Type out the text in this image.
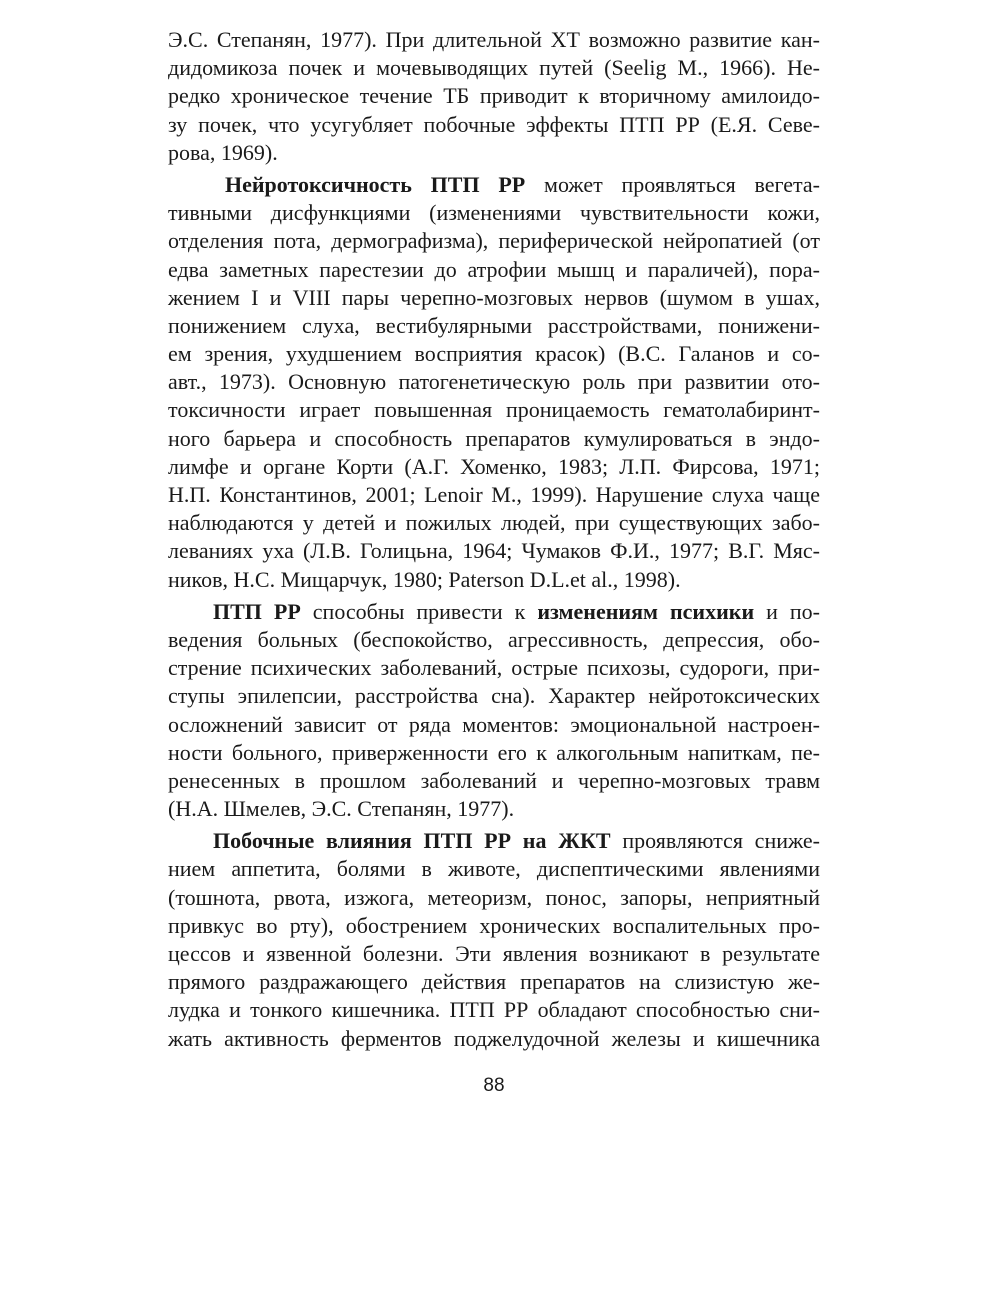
Э.С. Степанян, 1977). При длительной ХТ возможно развитие кан-
дидомикоза почек и мочевыводящих путей (Seelig M., 1966). Не-
редко хроническое течение ТБ приводит к вторичному амилоидо-
зу почек, что усугубляет побочные эффекты ПТП РР (Е.Я. Севе-
рова, 1969).
Нейротоксичность ПТП РР может проявляться вегета-
тивными дисфункциями (изменениями чувствительности кожи,
отделения пота, дермографизма), периферической нейропатией (от
едва заметных парестезии до атрофии мышц и параличей), пора-
жением I и VIII пары черепно-мозговых нервов (шумом в ушах,
понижением слуха, вестибулярными расстройствами, понижени-
ем зрения, ухудшением восприятия красок) (В.С. Галанов и со-
авт., 1973). Основную патогенетическую роль при развитии ото-
токсичности играет повышенная проницаемость гематолабиринт-
ного барьера и способность препаратов кумулироваться в эндо-
лимфе и органе Корти (А.Г. Хоменко, 1983; Л.П. Фирсова, 1971;
Н.П. Константинов, 2001; Lenoir M., 1999). Нарушение слуха чаще
наблюдаются у детей и пожилых людей, при существующих забо-
леваниях уха (Л.В. Голицьна, 1964; Чумаков Ф.И., 1977; В.Г. Мяс-
ников, Н.С. Мищарчук, 1980; Paterson D.L.et al., 1998).
ПТП РР способны привести к изменениям психики и по-
ведения больных (беспокойство, агрессивность, депрессия, обо-
стрение психических заболеваний, острые психозы, судороги, при-
ступы эпилепсии, расстройства сна). Характер нейротоксических
осложнений зависит от ряда моментов: эмоциональной настроен-
ности больного, приверженности его к алкогольным напиткам, пе-
ренесенных в прошлом заболеваний и черепно-мозговых травм
(Н.А. Шмелев, Э.С. Степанян, 1977).
Побочные влияния ПТП РР на ЖКТ проявляются сниже-
нием аппетита, болями в животе, диспептическими явлениями
(тошнота, рвота, изжога, метеоризм, понос, запоры, неприятный
привкус во рту), обострением хронических воспалительных про-
цессов и язвенной болезни. Эти явления возникают в результате
прямого раздражающего действия препаратов на слизистую же-
лудка и тонкого кишечника. ПТП РР обладают способностью сни-
жать активность ферментов поджелудочной железы и кишечника
88
